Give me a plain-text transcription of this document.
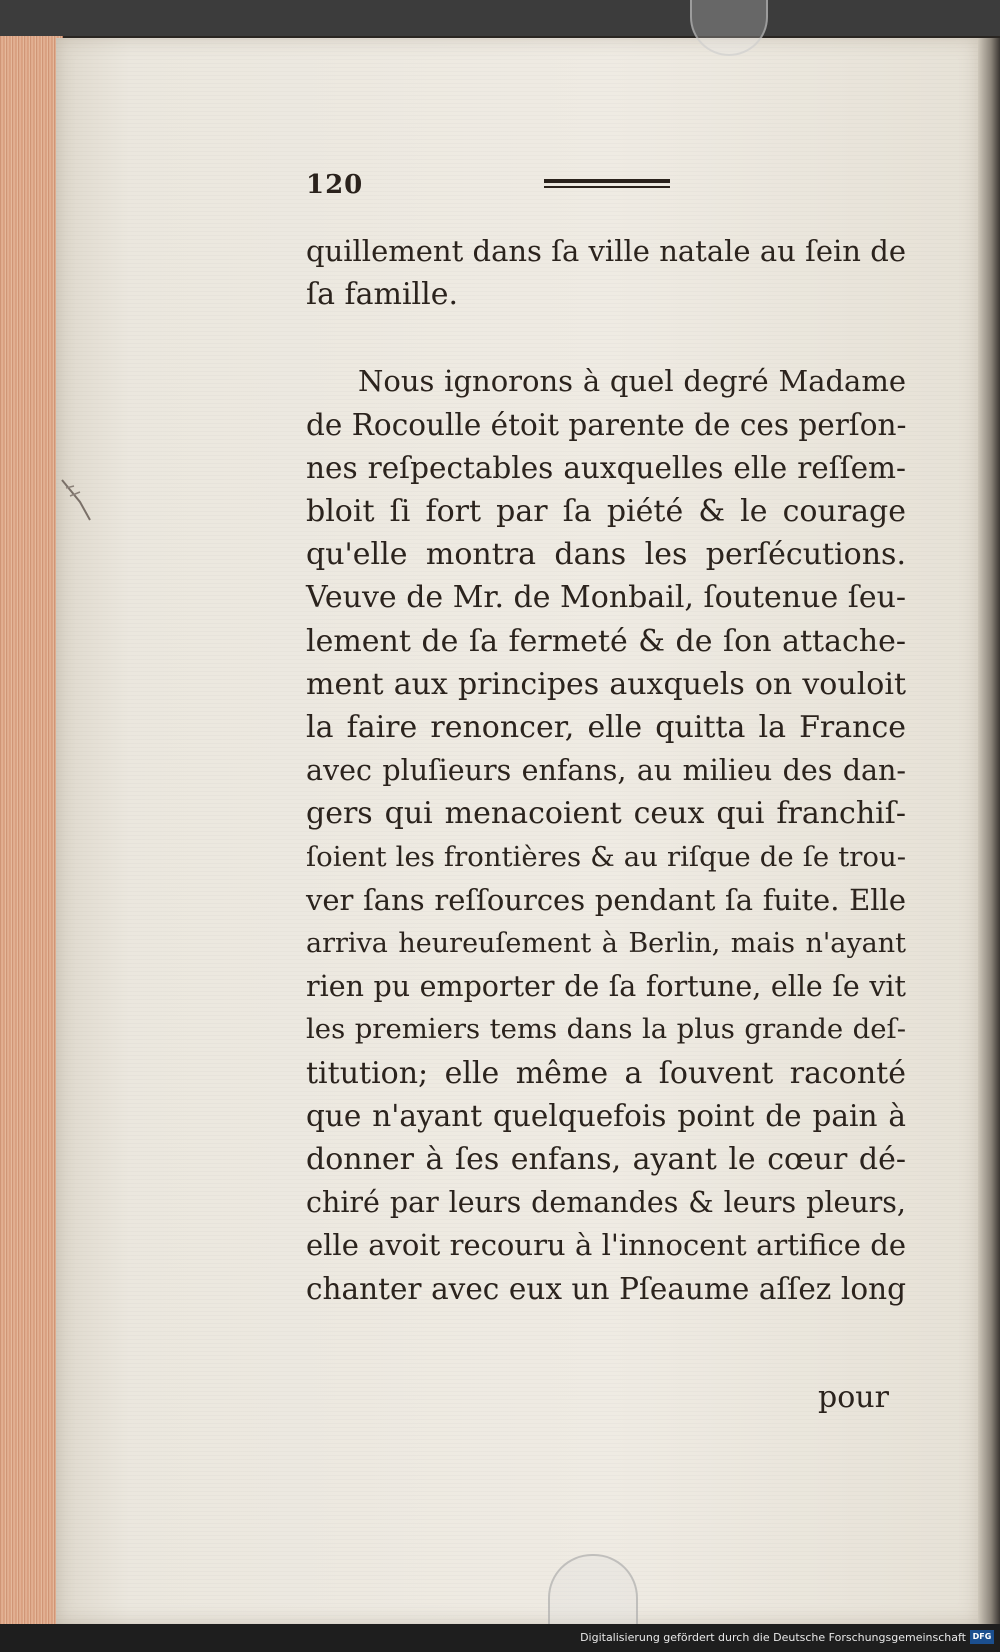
120

quillement dans ſa ville natale au ſein de
ſa famille.

Nous ignorons à quel degré Madame
de Rocoulle étoit parente de ces perſon-
nes reſpectables auxquelles elle reſſem-
bloit ſi fort par ſa piété & le courage
qu'elle montra dans les perſécutions.
Veuve de Mr. de Monbail, ſoutenue ſeu-
lement de ſa fermeté & de ſon attache-
ment aux principes auxquels on vouloit
la faire renoncer, elle quitta la France
avec pluſieurs enfans, au milieu des dan-
gers qui menacoient ceux qui franchiſ-
ſoient les frontières & au riſque de ſe trou-
ver ſans reſſources pendant ſa fuite. Elle
arriva heureuſement à Berlin, mais n'ayant
rien pu emporter de ſa fortune, elle ſe vit
les premiers tems dans la plus grande deſ-
titution; elle même a ſouvent raconté
que n'ayant quelquefois point de pain à
donner à ſes enfans, ayant le cœur dé-
chiré par leurs demandes & leurs pleurs,
elle avoit recouru à l'innocent artifice de
chanter avec eux un Pſeaume aſſez long

pour
Digitalisierung gefördert durch die Deutsche Forschungsgemeinschaft DFG
